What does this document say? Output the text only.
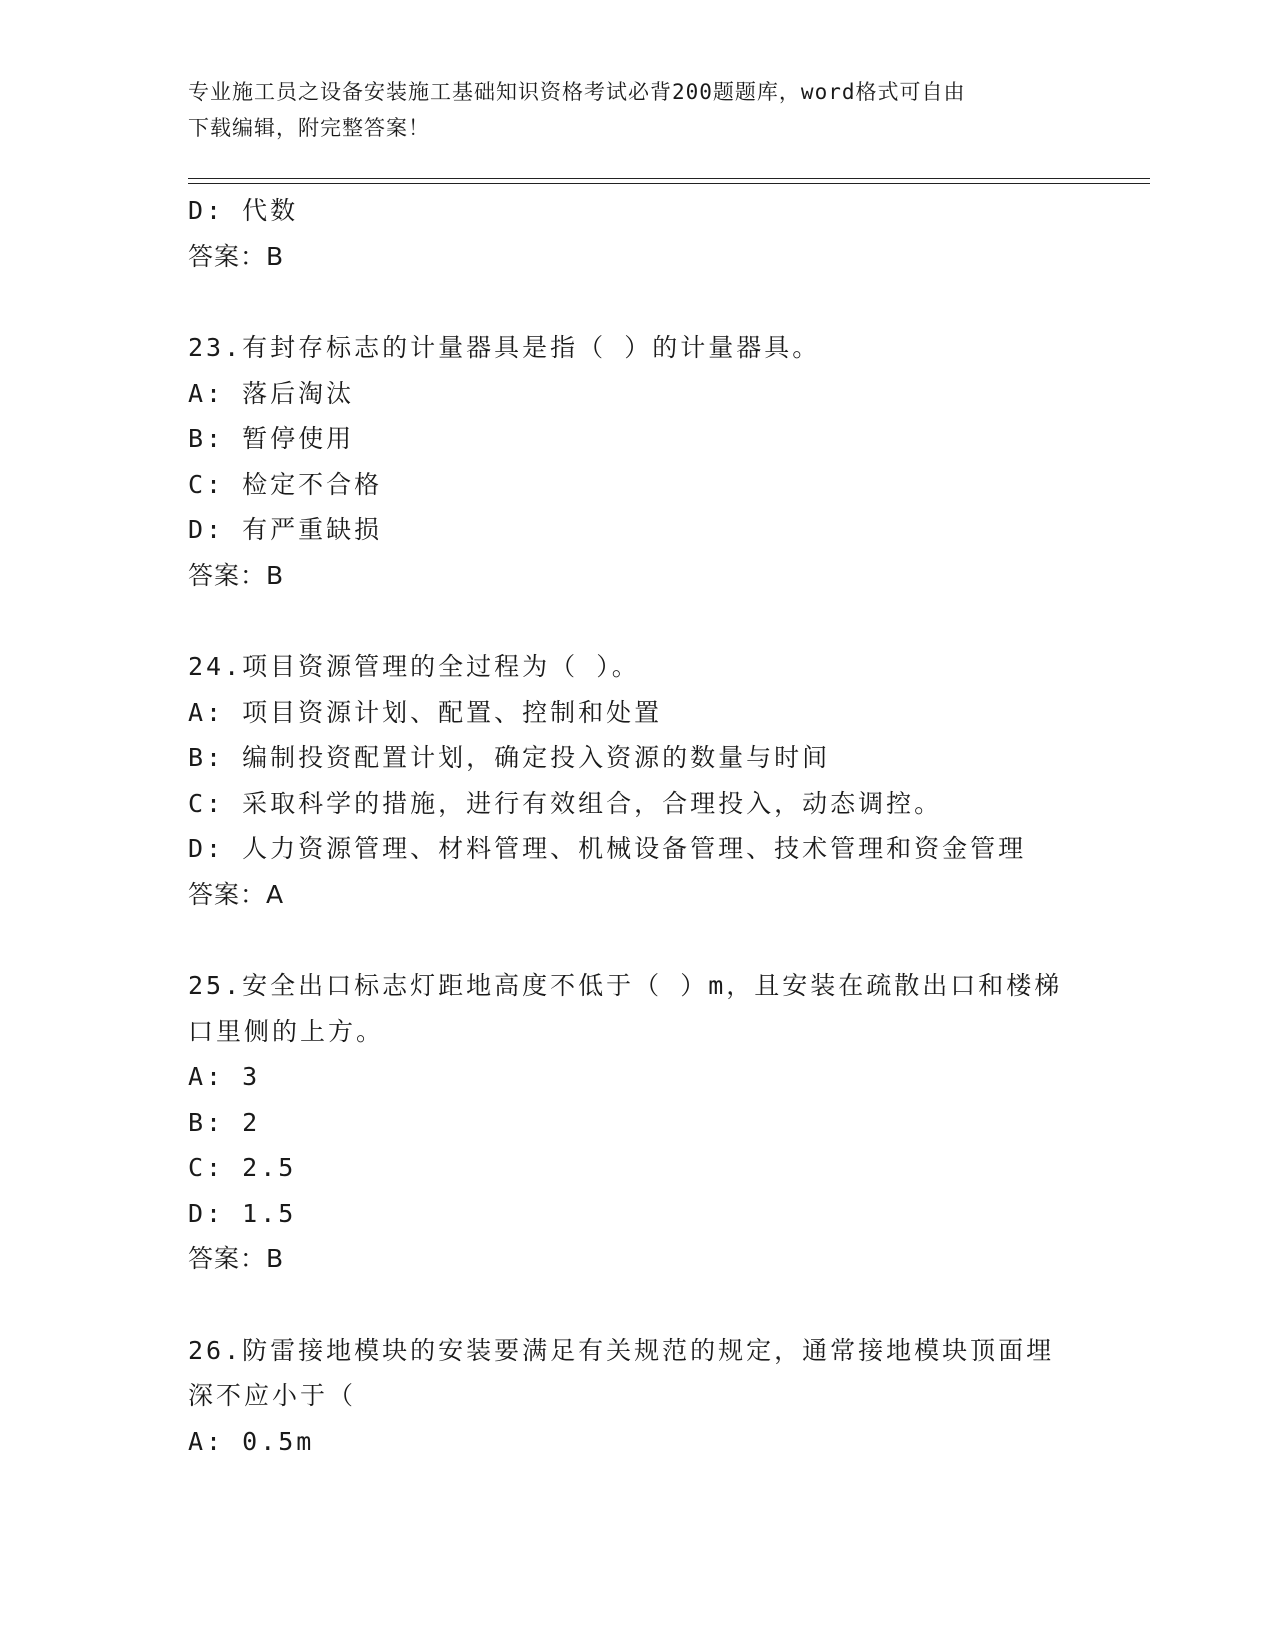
专业施工员之设备安装施工基础知识资格考试必背200题题库，word格式可自由
下载编辑，附完整答案！
D: 代数
答案：B
23.有封存标志的计量器具是指（ ）的计量器具。
A: 落后淘汰
B: 暂停使用
C: 检定不合格
D: 有严重缺损
答案：B
24.项目资源管理的全过程为（ ）。
A: 项目资源计划、配置、控制和处置
B: 编制投资配置计划，确定投入资源的数量与时间
C: 采取科学的措施，进行有效组合，合理投入，动态调控。
D: 人力资源管理、材料管理、机械设备管理、技术管理和资金管理
答案：A
25.安全出口标志灯距地高度不低于（ ）m，且安装在疏散出口和楼梯
口里侧的上方。
A: 3
B: 2
C: 2.5
D: 1.5
答案：B
26.防雷接地模块的安装要满足有关规范的规定，通常接地模块顶面埋
深不应小于（
A: 0.5m
